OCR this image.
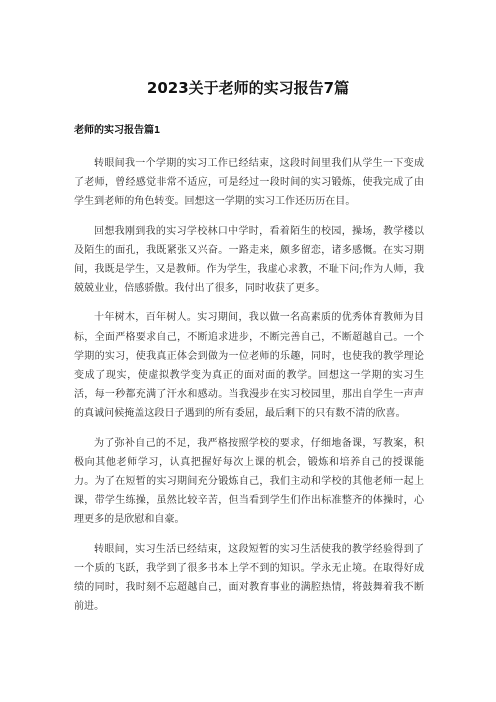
2023关于老师的实习报告7篇
老师的实习报告篇1

转眼间我一个学期的实习工作已经结束，这段时间里我们从学生一下变成了老师，曾经感觉非常不适应，可是经过一段时间的实习锻炼，使我完成了由学生到老师的角色转变。回想这一学期的实习工作还历历在目。

回想我刚到我的实习学校林口中学时，看着陌生的校园，操场，教学楼以及陌生的面孔，我既紧张又兴奋。一路走来，颇多留恋，诸多感慨。在实习期间，我既是学生，又是教师。作为学生，我虚心求教，不耻下问;作为人师，我兢兢业业，倍感骄傲。我付出了很多，同时收获了更多。

十年树木，百年树人。实习期间，我以做一名高素质的优秀体育教师为目标，全面严格要求自己，不断追求进步，不断完善自己，不断超越自己。一个学期的实习，使我真正体会到做为一位老师的乐趣，同时，也使我的教学理论变成了现实，使虚拟教学变为真正的面对面的教学。回想这一学期的实习生活，每一秒都充满了汗水和感动。当我漫步在实习校园里，那出自学生一声声的真诚问候掩盖这段日子遇到的所有委屈，最后剩下的只有数不清的欣喜。

为了弥补自己的不足，我严格按照学校的要求，仔细地备课，写教案，积极向其他老师学习，认真把握好每次上课的机会，锻炼和培养自己的授课能力。为了在短暂的实习期间充分锻炼自己，我们主动和学校的其他老师一起上课，带学生练操，虽然比较辛苦，但当看到学生们作出标准整齐的体操时，心理更多的是欣慰和自豪。

转眼间，实习生活已经结束，这段短暂的实习生活使我的教学经验得到了一个质的飞跃，我学到了很多书本上学不到的知识。学永无止境。在取得好成绩的同时，我时刻不忘超越自己，面对教育事业的满腔热情，将鼓舞着我不断前进。
